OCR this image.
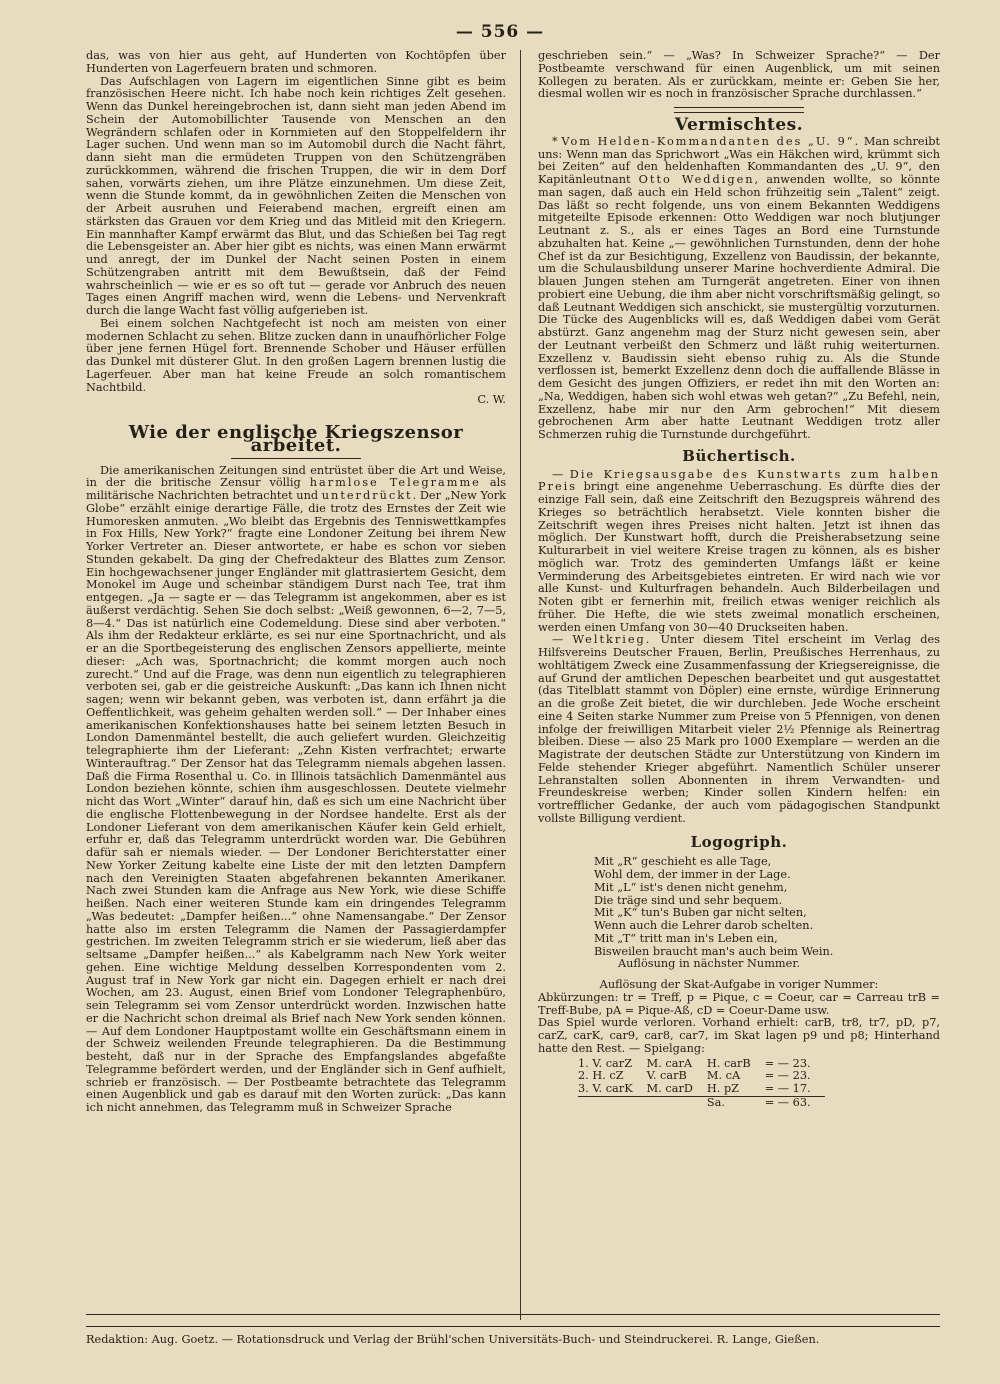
— 556 —

das, was von hier aus geht, auf Hunderten von Kochtöpfen über Hunderten von Lagerfeuern braten und schmoren.

Das Aufschlagen von Lagern im eigentlichen Sinne gibt es beim französischen Heere nicht. Ich habe noch kein richtiges Zelt gesehen. Wenn das Dunkel hereingebrochen ist, dann sieht man jeden Abend im Schein der Automobillichter Tausende von Menschen an den Wegrändern schlafen oder in Kornmieten auf den Stoppelfeldern ihr Lager suchen. Und wenn man so im Automobil durch die Nacht fährt, dann sieht man die ermüdeten Truppen von den Schützengräben zurückkommen, während die frischen Truppen, die wir in dem Dorf sahen, vorwärts ziehen, um ihre Plätze einzunehmen. Um diese Zeit, wenn die Stunde kommt, da in gewöhnlichen Zeiten die Menschen von der Arbeit ausruhen und Feierabend machen, ergreift einen am stärksten das Grauen vor dem Krieg und das Mitleid mit den Kriegern. Ein mannhafter Kampf erwärmt das Blut, und das Schießen bei Tag regt die Lebensgeister an. Aber hier gibt es nichts, was einen Mann erwärmt und anregt, der im Dunkel der Nacht seinen Posten in einem Schützengraben antritt mit dem Bewußtsein, daß der Feind wahrscheinlich — wie er es so oft tut — gerade vor Anbruch des neuen Tages einen Angriff machen wird, wenn die Lebens- und Nervenkraft durch die lange Wacht fast völlig aufgerieben ist.

Bei einem solchen Nachtgefecht ist noch am meisten von einer modernen Schlacht zu sehen. Blitze zucken dann in unaufhörlicher Folge über jene fernen Hügel fort. Brennende Schober und Häuser erfüllen das Dunkel mit düsterer Glut. In den großen Lagern brennen lustig die Lagerfeuer. Aber man hat keine Freude an solch romantischem Nachtbild.

C. W.

Wie der englische Kriegszensor arbeitet.

Die amerikanischen Zeitungen sind entrüstet über die Art und Weise, in der die britische Zensur völlig harmlose Telegramme als militärische Nachrichten betrachtet und unterdrückt. Der „New York Globe“ erzählt einige derartige Fälle, die trotz des Ernstes der Zeit wie Humoresken anmuten. „Wo bleibt das Ergebnis des Tenniswettkampfes in Fox Hills, New York?“ fragte eine Londoner Zeitung bei ihrem New Yorker Vertreter an. Dieser antwortete, er habe es schon vor sieben Stunden gekabelt. Da ging der Chefredakteur des Blattes zum Zensor. Ein hochgewachsener junger Engländer mit glattrasiertem Gesicht, dem Monokel im Auge und scheinbar ständigem Durst nach Tee, trat ihm entgegen. „Ja — sagte er — das Telegramm ist angekommen, aber es ist äußerst verdächtig. Sehen Sie doch selbst: „Weiß gewonnen, 6—2, 7—5, 8—4.“ Das ist natürlich eine Codemeldung. Diese sind aber verboten.“ Als ihm der Redakteur erklärte, es sei nur eine Sportnachricht, und als er an die Sportbegeisterung des englischen Zensors appellierte, meinte dieser: „Ach was, Sportnachricht; die kommt morgen auch noch zurecht.“ Und auf die Frage, was denn nun eigentlich zu telegraphieren verboten sei, gab er die geistreiche Auskunft: „Das kann ich Ihnen nicht sagen; wenn wir bekannt geben, was verboten ist, dann erfährt ja die Oeffentlichkeit, was geheim gehalten werden soll.“ — Der Inhaber eines amerikanischen Konfektionshauses hatte bei seinem letzten Besuch in London Damenmäntel bestellt, die auch geliefert wurden. Gleichzeitig telegraphierte ihm der Lieferant: „Zehn Kisten verfrachtet; erwarte Winterauftrag.“ Der Zensor hat das Telegramm niemals abgehen lassen. Daß die Firma Rosenthal u. Co. in Illinois tatsächlich Damenmäntel aus London beziehen könnte, schien ihm ausgeschlossen. Deutete vielmehr nicht das Wort „Winter“ darauf hin, daß es sich um eine Nachricht über die englische Flottenbewegung in der Nordsee handelte. Erst als der Londoner Lieferant von dem amerikanischen Käufer kein Geld erhielt, erfuhr er, daß das Telegramm unterdrückt worden war. Die Gebühren dafür sah er niemals wieder. — Der Londoner Berichterstatter einer New Yorker Zeitung kabelte eine Liste der mit den letzten Dampfern nach den Vereinigten Staaten abgefahrenen bekannten Amerikaner. Nach zwei Stunden kam die Anfrage aus New York, wie diese Schiffe heißen. Nach einer weiteren Stunde kam ein dringendes Telegramm „Was bedeutet: „Dampfer heißen...“ ohne Namensangabe.“ Der Zensor hatte also im ersten Telegramm die Namen der Passagierdampfer gestrichen. Im zweiten Telegramm strich er sie wiederum, ließ aber das seltsame „Dampfer heißen...“ als Kabelgramm nach New York weiter gehen. Eine wichtige Meldung desselben Korrespondenten vom 2. August traf in New York gar nicht ein. Dagegen erhielt er nach drei Wochen, am 23. August, einen Brief vom Londoner Telegraphenbüro, sein Telegramm sei vom Zensor unterdrückt worden. Inzwischen hatte er die Nachricht schon dreimal als Brief nach New York senden können. — Auf dem Londoner Hauptpostamt wollte ein Geschäftsmann einem in der Schweiz weilenden Freunde telegraphieren. Da die Bestimmung besteht, daß nur in der Sprache des Empfangslandes abgefaßte Telegramme befördert werden, und der Engländer sich in Genf aufhielt, schrieb er französisch. — Der Postbeamte betrachtete das Telegramm einen Augenblick und gab es darauf mit den Worten zurück: „Das kann ich nicht annehmen, das Telegramm muß in Schweizer Sprache

geschrieben sein.“ — „Was? In Schweizer Sprache?“ — Der Postbeamte verschwand für einen Augenblick, um mit seinen Kollegen zu beraten. Als er zurückkam, meinte er: Geben Sie her, diesmal wollen wir es noch in französischer Sprache durchlassen.“

Vermischtes.

* Vom Helden-Kommandanten des „U. 9“. Man schreibt uns: Wenn man das Sprichwort „Was ein Häkchen wird, krümmt sich bei Zeiten“ auf den heldenhaften Kommandanten des „U. 9“, den Kapitänleutnant Otto Weddigen, anwenden wollte, so könnte man sagen, daß auch ein Held schon frühzeitig sein „Talent“ zeigt. Das läßt so recht folgende, uns von einem Bekannten Weddigens mitgeteilte Episode erkennen: Otto Weddigen war noch blutjunger Leutnant z. S., als er eines Tages an Bord eine Turnstunde abzuhalten hat. Keine „— gewöhnlichen Turnstunden, denn der hohe Chef ist da zur Besichtigung, Exzellenz von Baudissin, der bekannte, um die Schulausbildung unserer Marine hochverdiente Admiral. Die blauen Jungen stehen am Turngerät angetreten. Einer von ihnen probiert eine Uebung, die ihm aber nicht vorschriftsmäßig gelingt, so daß Leutnant Weddigen sich anschickt, sie mustergültig vorzuturnen. Die Tücke des Augenblicks will es, daß Weddigen dabei vom Gerät abstürzt. Ganz angenehm mag der Sturz nicht gewesen sein, aber der Leutnant verbeißt den Schmerz und läßt ruhig weiterturnen. Exzellenz v. Baudissin sieht ebenso ruhig zu. Als die Stunde verflossen ist, bemerkt Exzellenz denn doch die auffallende Blässe in dem Gesicht des jungen Offiziers, er redet ihn mit den Worten an: „Na, Weddigen, haben sich wohl etwas weh getan?“ „Zu Befehl, nein, Exzellenz, habe mir nur den Arm gebrochen!“ Mit diesem gebrochenen Arm aber hatte Leutnant Weddigen trotz aller Schmerzen ruhig die Turnstunde durchgeführt.

Büchertisch.

— Die Kriegsausgabe des Kunstwarts zum halben Preis bringt eine angenehme Ueberraschung. Es dürfte dies der einzige Fall sein, daß eine Zeitschrift den Bezugspreis während des Krieges so beträchtlich herabsetzt. Viele konnten bisher die Zeitschrift wegen ihres Preises nicht halten. Jetzt ist ihnen das möglich. Der Kunstwart hofft, durch die Preisherabsetzung seine Kulturarbeit in viel weitere Kreise tragen zu können, als es bisher möglich war. Trotz des geminderten Umfangs läßt er keine Verminderung des Arbeitsgebietes eintreten. Er wird nach wie vor alle Kunst- und Kulturfragen behandeln. Auch Bilderbeilagen und Noten gibt er fernerhin mit, freilich etwas weniger reichlich als früher. Die Hefte, die wie stets zweimal monatlich erscheinen, werden einen Umfang von 30—40 Druckseiten haben.

— Weltkrieg. Unter diesem Titel erscheint im Verlag des Hilfsvereins Deutscher Frauen, Berlin, Preußisches Herrenhaus, zu wohltätigem Zweck eine Zusammenfassung der Kriegsereignisse, die auf Grund der amtlichen Depeschen bearbeitet und gut ausgestattet (das Titelblatt stammt von Döpler) eine ernste, würdige Erinnerung an die große Zeit bietet, die wir durchleben. Jede Woche erscheint eine 4 Seiten starke Nummer zum Preise von 5 Pfennigen, von denen infolge der freiwilligen Mitarbeit vieler 2½ Pfennige als Reinertrag bleiben. Diese — also 25 Mark pro 1000 Exemplare — werden an die Magistrate der deutschen Städte zur Unterstützung von Kindern im Felde stehender Krieger abgeführt. Namentlich Schüler unserer Lehranstalten sollen Abonnenten in ihrem Verwandten- und Freundeskreise werben; Kinder sollen Kindern helfen: ein vortrefflicher Gedanke, der auch vom pädagogischen Standpunkt vollste Billigung verdient.

Logogriph.

Mit „R“ geschieht es alle Tage,

Wohl dem, der immer in der Lage.

Mit „L“ ist's denen nicht genehm,

Die träge sind und sehr bequem.

Mit „K“ tun's Buben gar nicht selten,

Wenn auch die Lehrer darob schelten.

Mit „T“ tritt man in's Leben ein,

Bisweilen braucht man's auch beim Wein.

Auflösung in nächster Nummer.

Auflösung der Skat-Aufgabe in voriger Nummer:

Abkürzungen: tr = Treff, p = Pique, c = Coeur, car = Carreau trB = Treff-Bube, pA = Pique-Aß, cD = Coeur-Dame usw.

Das Spiel wurde verloren. Vorhand erhielt: carB, tr8, tr7, pD, p7, carZ, carK, car9, car8, car7, im Skat lagen p9 und p8; Hinterhand hatte den Rest. — Spielgang:

1. V. carZ	M. carA	H. carB	= — 23.
2. H. cZ	V. carB	M. cA	= — 23.
3. V. carK	M. carD	H. pZ	= — 17.
		Sa.	= — 63.
Redaktion: Aug. Goetz. — Rotationsdruck und Verlag der Brühl'schen Universitäts-Buch- und Steindruckerei. R. Lange, Gießen.
